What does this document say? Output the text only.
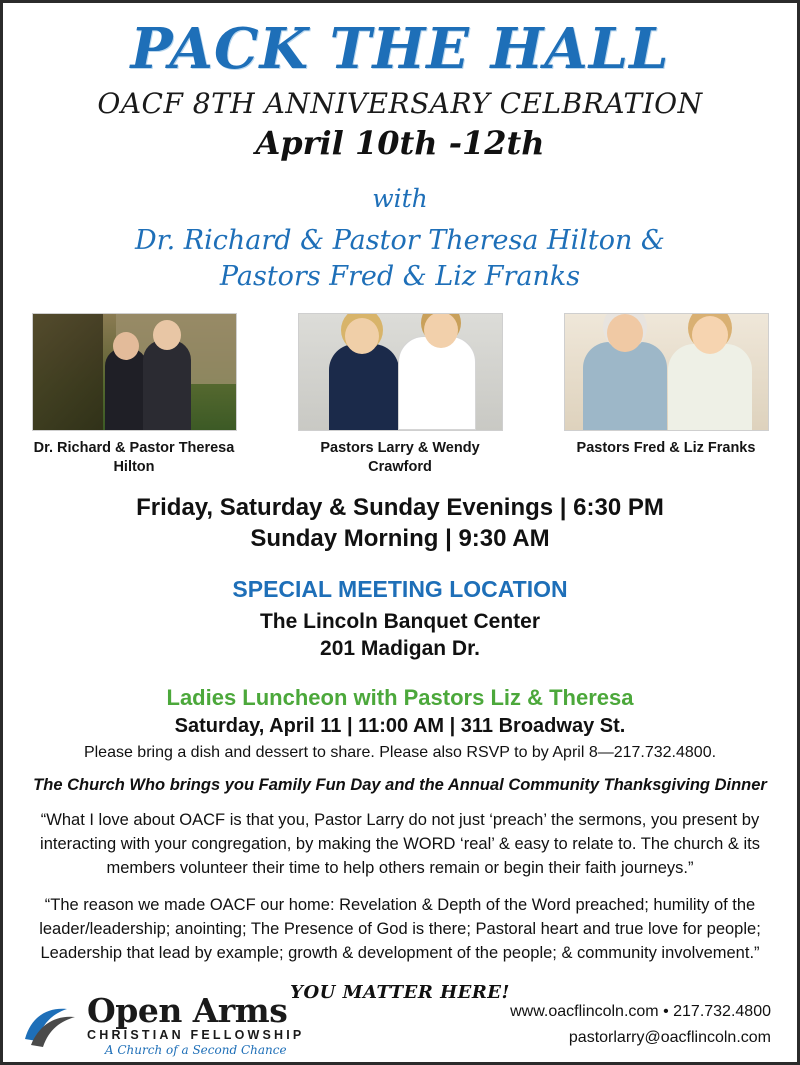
PACK THE HALL
OACF 8TH ANNIVERSARY CELBRATION
April 10th -12th
with
Dr. Richard & Pastor Theresa Hilton &
Pastors Fred & Liz Franks
Dr. Richard & Pastor Theresa Hilton
Pastors Larry & Wendy Crawford
Pastors Fred & Liz Franks
Friday, Saturday & Sunday Evenings | 6:30 PM
Sunday Morning | 9:30 AM
SPECIAL MEETING LOCATION
The Lincoln Banquet Center
201 Madigan Dr.
Ladies Luncheon with Pastors Liz & Theresa
Saturday, April 11 | 11:00 AM | 311 Broadway St.
Please bring a dish and dessert to share. Please also RSVP to by April 8—217.732.4800.
The Church Who brings you Family Fun Day and the Annual Community Thanksgiving Dinner
“What I love about OACF is that you, Pastor Larry do not just ‘preach’ the sermons, you present by interacting with your congregation, by making the WORD ‘real’ & easy to relate to. The church & its members volunteer their time to help others remain or begin their faith journeys.”
“The reason we made OACF our home: Revelation & Depth of the Word preached; humility of the leader/leadership; anointing; The Presence of God is there; Pastoral heart and true love for people; Leadership that lead by example; growth & development of the people; & community involvement.”
YOU MATTER HERE!
Open Arms
CHRISTIAN FELLOWSHIP
A Church of a Second Chance
www.oacflincoln.com • 217.732.4800
pastorlarry@oacflincoln.com
